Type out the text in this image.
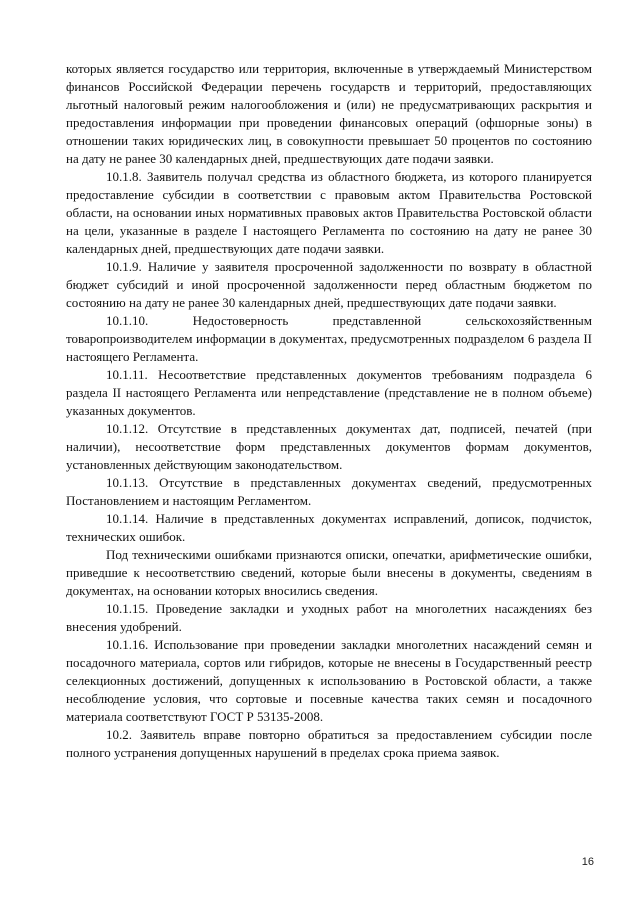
которых является государство или территория, включенные в утверждаемый Министерством финансов Российской Федерации перечень государств и территорий, предоставляющих льготный налоговый режим налогообложения и (или) не предусматривающих раскрытия и предоставления информации при проведении финансовых операций (офшорные зоны) в отношении таких юридических лиц, в совокупности превышает 50 процентов по состоянию на дату не ранее 30 календарных дней, предшествующих дате подачи заявки.

10.1.8. Заявитель получал средства из областного бюджета, из которого планируется предоставление субсидии в соответствии с правовым актом Правительства Ростовской области, на основании иных нормативных правовых актов Правительства Ростовской области на цели, указанные в разделе I настоящего Регламента по состоянию на дату не ранее 30 календарных дней, предшествующих дате подачи заявки.

10.1.9. Наличие у заявителя просроченной задолженности по возврату в областной бюджет субсидий и иной просроченной задолженности перед областным бюджетом по состоянию на дату не ранее 30 календарных дней, предшествующих дате подачи заявки.

10.1.10. Недостоверность представленной сельскохозяйственным товаропроизводителем информации в документах, предусмотренных подразделом 6 раздела II настоящего Регламента.

10.1.11. Несоответствие представленных документов требованиям подраздела 6 раздела II настоящего Регламента или непредставление (представление не в полном объеме) указанных документов.

10.1.12. Отсутствие в представленных документах дат, подписей, печатей (при наличии), несоответствие форм представленных документов формам документов, установленных действующим законодательством.

10.1.13. Отсутствие в представленных документах сведений, предусмотренных Постановлением и настоящим Регламентом.

10.1.14. Наличие в представленных документах исправлений, дописок, подчисток, технических ошибок.

Под техническими ошибками признаются описки, опечатки, арифметические ошибки, приведшие к несоответствию сведений, которые были внесены в документы, сведениям в документах, на основании которых вносились сведения.

10.1.15. Проведение закладки и уходных работ на многолетних насаждениях без внесения удобрений.

10.1.16. Использование при проведении закладки многолетних насаждений семян и посадочного материала, сортов или гибридов, которые не внесены в Государственный реестр селекционных достижений, допущенных к использованию в Ростовской области, а также несоблюдение условия, что сортовые и посевные качества таких семян и посадочного материала соответствуют ГОСТ Р 53135-2008.

10.2. Заявитель вправе повторно обратиться за предоставлением субсидии после полного устранения допущенных нарушений в пределах срока приема заявок.

16
